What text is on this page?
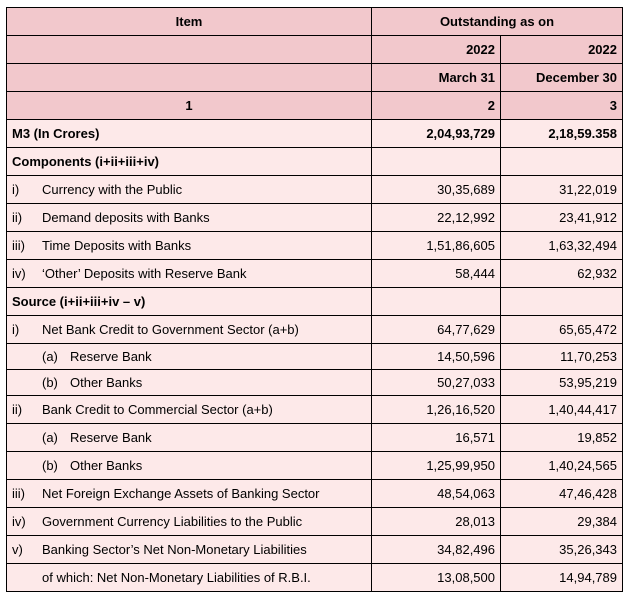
Item	Outstanding as on	
	2022	2022
	March 31	December 30
1	2	3
M3 (In Crores)	2,04,93,729	2,18,59.358
Components (i+ii+iii+iv)		
i) Currency with the Public	30,35,689	31,22,019
ii) Demand deposits with Banks	22,12,992	23,41,912
iii) Time Deposits with Banks	1,51,86,605	1,63,32,494
iv) ‘Other’ Deposits with Reserve Bank	58,444	62,932
Source (i+ii+iii+iv – v)		
i) Net Bank Credit to Government Sector (a+b)	64,77,629	65,65,472
(a) Reserve Bank	14,50,596	11,70,253
(b) Other Banks	50,27,033	53,95,219
ii) Bank Credit to Commercial Sector (a+b)	1,26,16,520	1,40,44,417
(a) Reserve Bank	16,571	19,852
(b) Other Banks	1,25,99,950	1,40,24,565
iii) Net Foreign Exchange Assets of Banking Sector	48,54,063	47,46,428
iv) Government Currency Liabilities to the Public	28,013	29,384
v) Banking Sector’s Net Non-Monetary Liabilities	34,82,496	35,26,343
of which: Net Non-Monetary Liabilities of R.B.I.	13,08,500	14,94,789
